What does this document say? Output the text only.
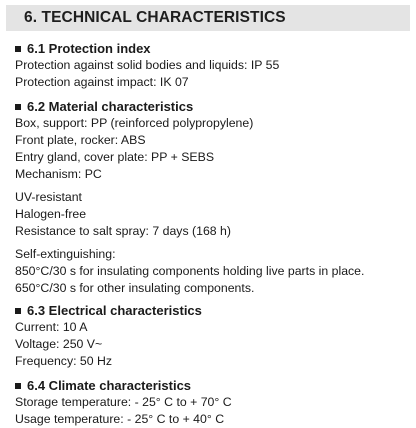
6. TECHNICAL CHARACTERISTICS
6.1 Protection index
Protection against solid bodies and liquids: IP 55
Protection against impact: IK 07
6.2 Material characteristics
Box, support: PP (reinforced polypropylene)
Front plate, rocker: ABS
Entry gland, cover plate: PP + SEBS
Mechanism: PC
UV-resistant
Halogen-free
Resistance to salt spray: 7 days (168 h)
Self-extinguishing:
850°C/30 s for insulating components holding live parts in place.
650°C/30 s for other insulating components.
6.3 Electrical characteristics
Current: 10 A
Voltage: 250 V~
Frequency: 50 Hz
6.4 Climate characteristics
Storage temperature: - 25° C to + 70° C
Usage temperature: - 25° C to + 40° C
